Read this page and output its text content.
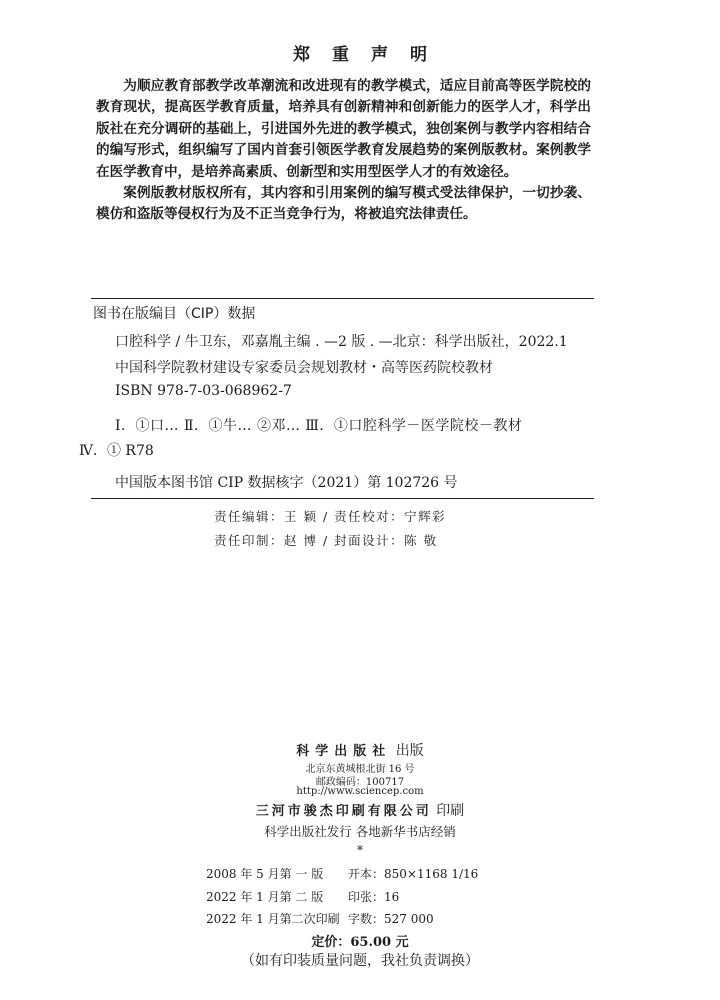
郑重声明

为顺应教育部教学改革潮流和改进现有的教学模式，适应目前高等医学院校的教育现状，提高医学教育质量，培养具有创新精神和创新能力的医学人才，科学出版社在充分调研的基础上，引进国外先进的教学模式，独创案例与教学内容相结合的编写形式，组织编写了国内首套引领医学教育发展趋势的案例版教材。案例教学在医学教育中，是培养高素质、创新型和实用型医学人才的有效途径。

案例版教材版权所有，其内容和引用案例的编写模式受法律保护，一切抄袭、模仿和盗版等侵权行为及不正当竞争行为，将被追究法律责任。

图书在版编目（CIP）数据
口腔科学 / 牛卫东，邓嘉胤主编 . —2 版 . —北京：科学出版社，2022.1
中国科学院教材建设专家委员会规划教材・高等医药院校教材
ISBN 978-7-03-068962-7
Ⅰ．①口… Ⅱ．①牛… ②邓… Ⅲ．①口腔科学－医学院校－教材
Ⅳ．① R78
中国版本图书馆 CIP 数据核字（2021）第 102726 号
责任编辑：王 颖 / 责任校对：宁辉彩
责任印制：赵 博 / 封面设计：陈 敬
科学出版社 出版
北京东黄城根北街 16 号
邮政编码：100717
http://www.sciencep.com
三河市骏杰印刷有限公司 印刷
科学出版社发行 各地新华书店经销
*
2008 年 5 月第 一 版 开本：850×1168 1/16
2022 年 1 月第 二 版 印张：16
2022 年 1 月第二次印刷 字数：527 000
定价：65.00 元
（如有印装质量问题，我社负责调换）
